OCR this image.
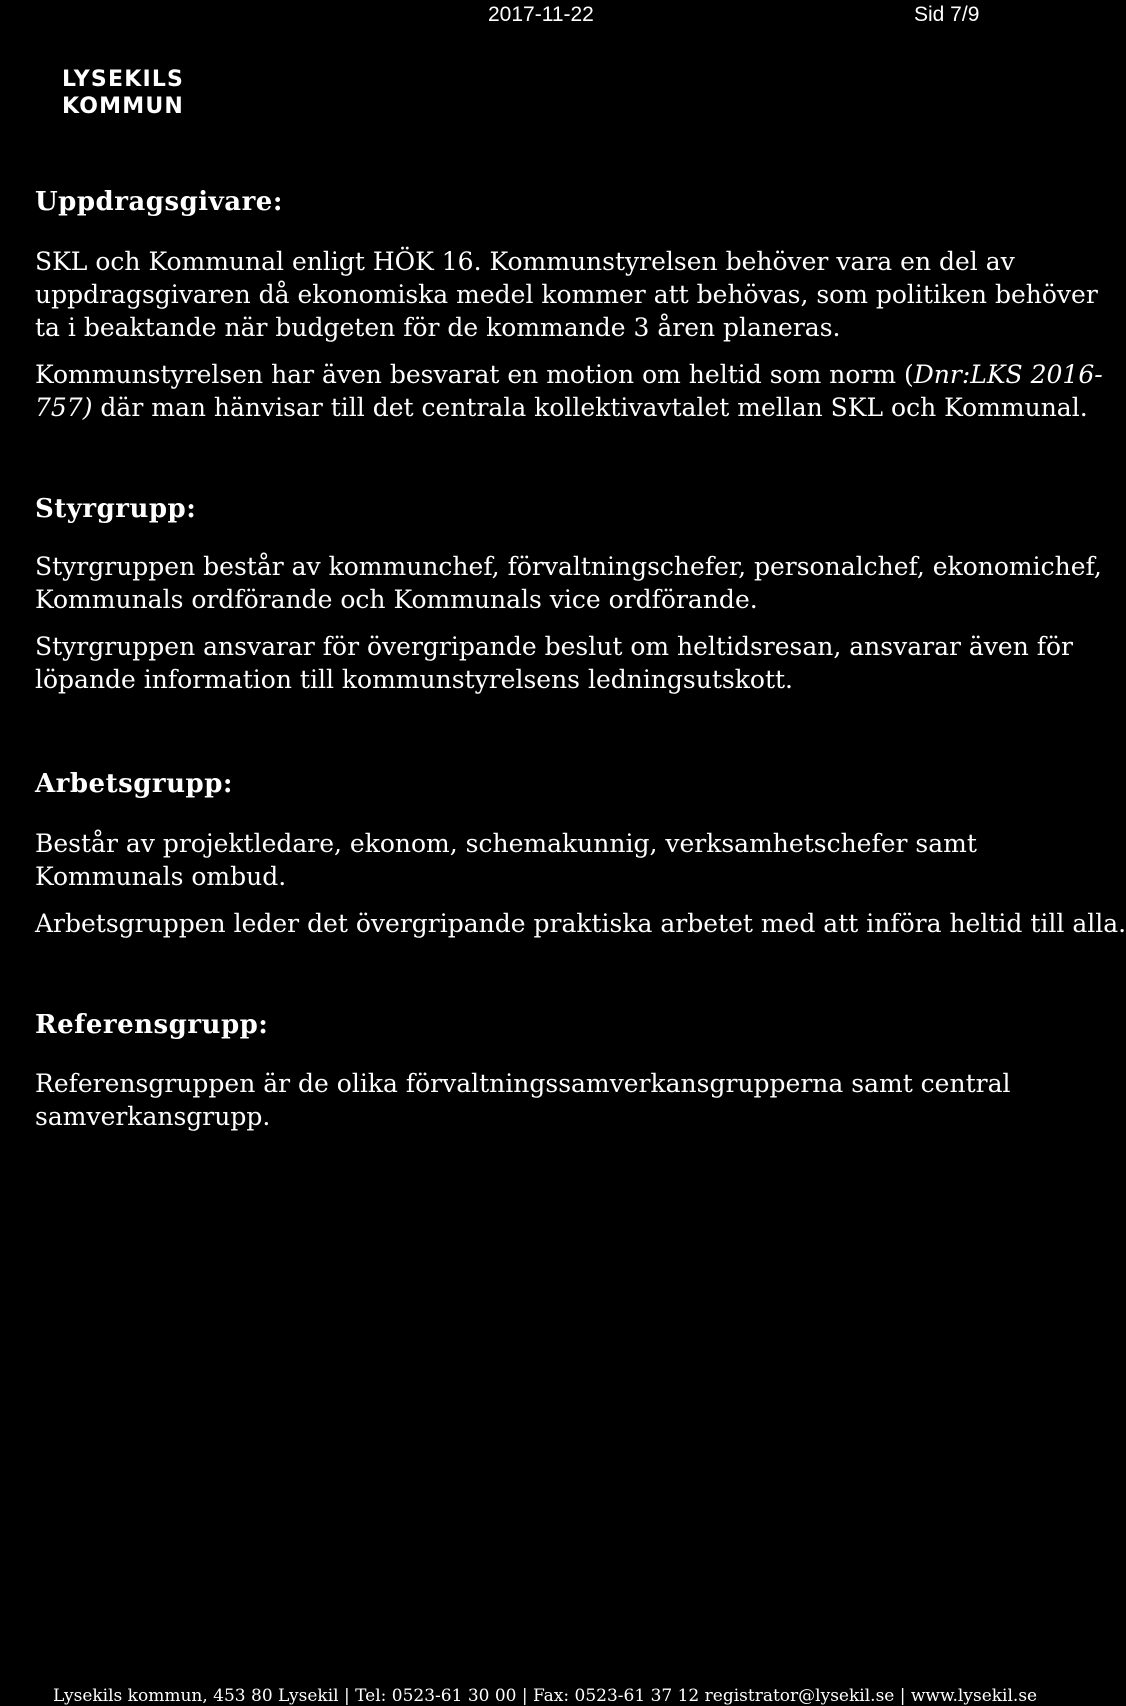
2017-11-22	Sid 7/9
LYSEKILS
KOMMUN
Uppdragsgivare:

SKL och Kommunal enligt HÖK 16. Kommunstyrelsen behöver vara en del av

uppdragsgivaren då ekonomiska medel kommer att behövas, som politiken behöver

ta i beaktande när budgeten för de kommande 3 åren planeras.

Kommunstyrelsen har även besvarat en motion om heltid som norm (Dnr:LKS 2016-

757) där man hänvisar till det centrala kollektivavtalet mellan SKL och Kommunal.

Styrgrupp:

Styrgruppen består av kommunchef, förvaltningschefer, personalchef, ekonomichef,

Kommunals ordförande och Kommunals vice ordförande.

Styrgruppen ansvarar för övergripande beslut om heltidsresan, ansvarar även för

löpande information till kommunstyrelsens ledningsutskott.

Arbetsgrupp:

Består av projektledare, ekonom, schemakunnig, verksamhetschefer samt

Kommunals ombud.

Arbetsgruppen leder det övergripande praktiska arbetet med att införa heltid till alla.

Referensgrupp:

Referensgruppen är de olika förvaltningssamverkansgrupperna samt central

samverkansgrupp.

Lysekils kommun, 453 80 Lysekil | Tel: 0523-61 30 00 | Fax: 0523-61 37 12 registrator@lysekil.se | www.lysekil.se
